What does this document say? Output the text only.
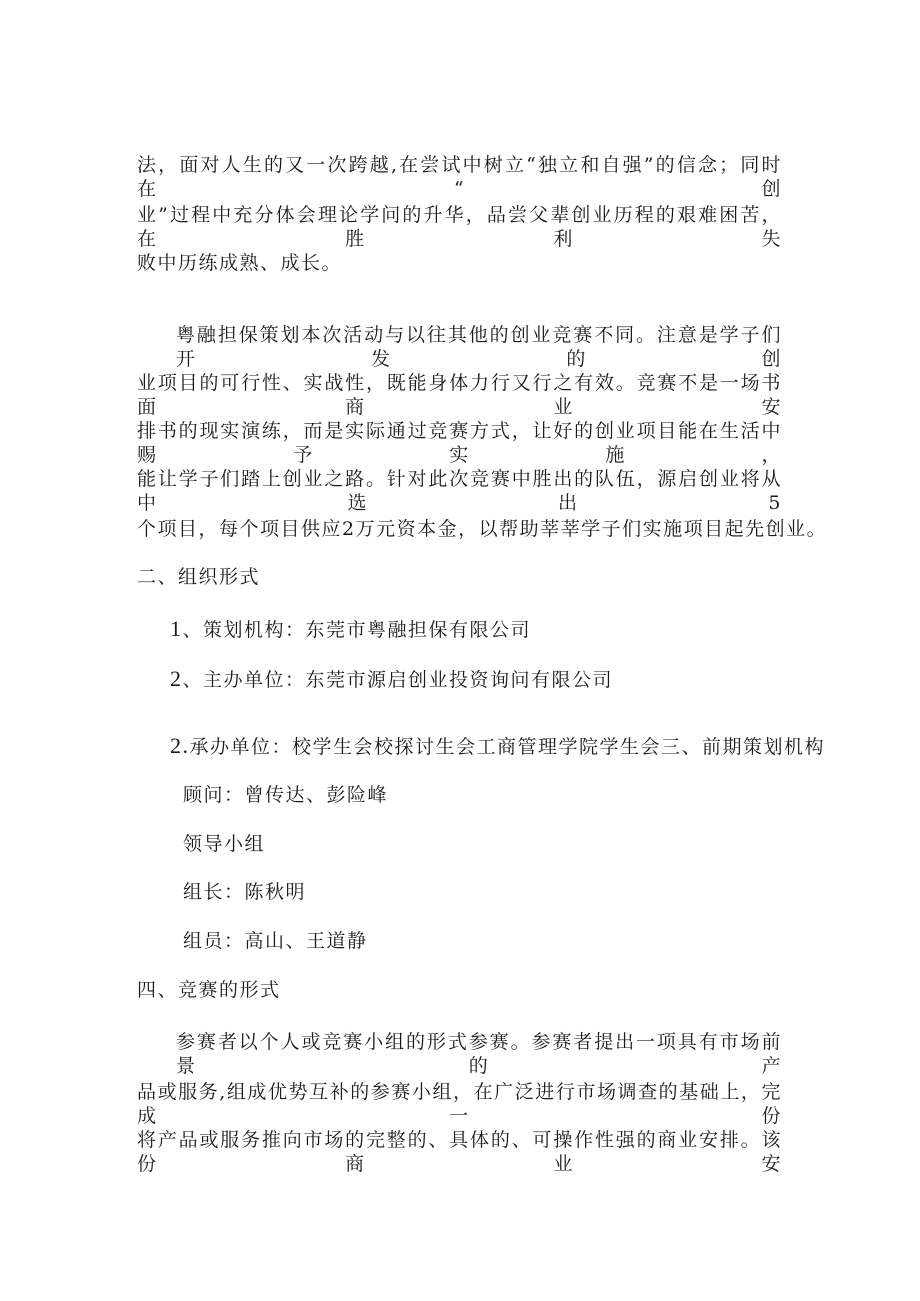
法，面对人生的又一次跨越,在尝试中树立“独立和自强”的信念；同时在“创
业”过程中充分体会理论学问的升华，品尝父辈创业历程的艰难困苦，在胜利失
败中历练成熟、成长。
粤融担保策划本次活动与以往其他的创业竞赛不同。注意是学子们开发的创
业项目的可行性、实战性，既能身体力行又行之有效。竞赛不是一场书面商业安
排书的现实演练，而是实际通过竞赛方式，让好的创业项目能在生活中赐予实施，
能让学子们踏上创业之路。针对此次竞赛中胜出的队伍，源启创业将从中选出5
个项目，每个项目供应2万元资本金，以帮助莘莘学子们实施项目起先创业。
二、组织形式
1、策划机构：东莞市粤融担保有限公司
2、主办单位：东莞市源启创业投资询问有限公司
2.承办单位：校学生会校探讨生会工商管理学院学生会三、前期策划机构
顾问：曾传达、彭险峰
领导小组
组长：陈秋明
组员：高山、王道静
四、竞赛的形式
参赛者以个人或竞赛小组的形式参赛。参赛者提出一项具有市场前景的产
品或服务,组成优势互补的参赛小组，在广泛进行市场调查的基础上，完成一份
将产品或服务推向市场的完整的、具体的、可操作性强的商业安排。该份商业安
